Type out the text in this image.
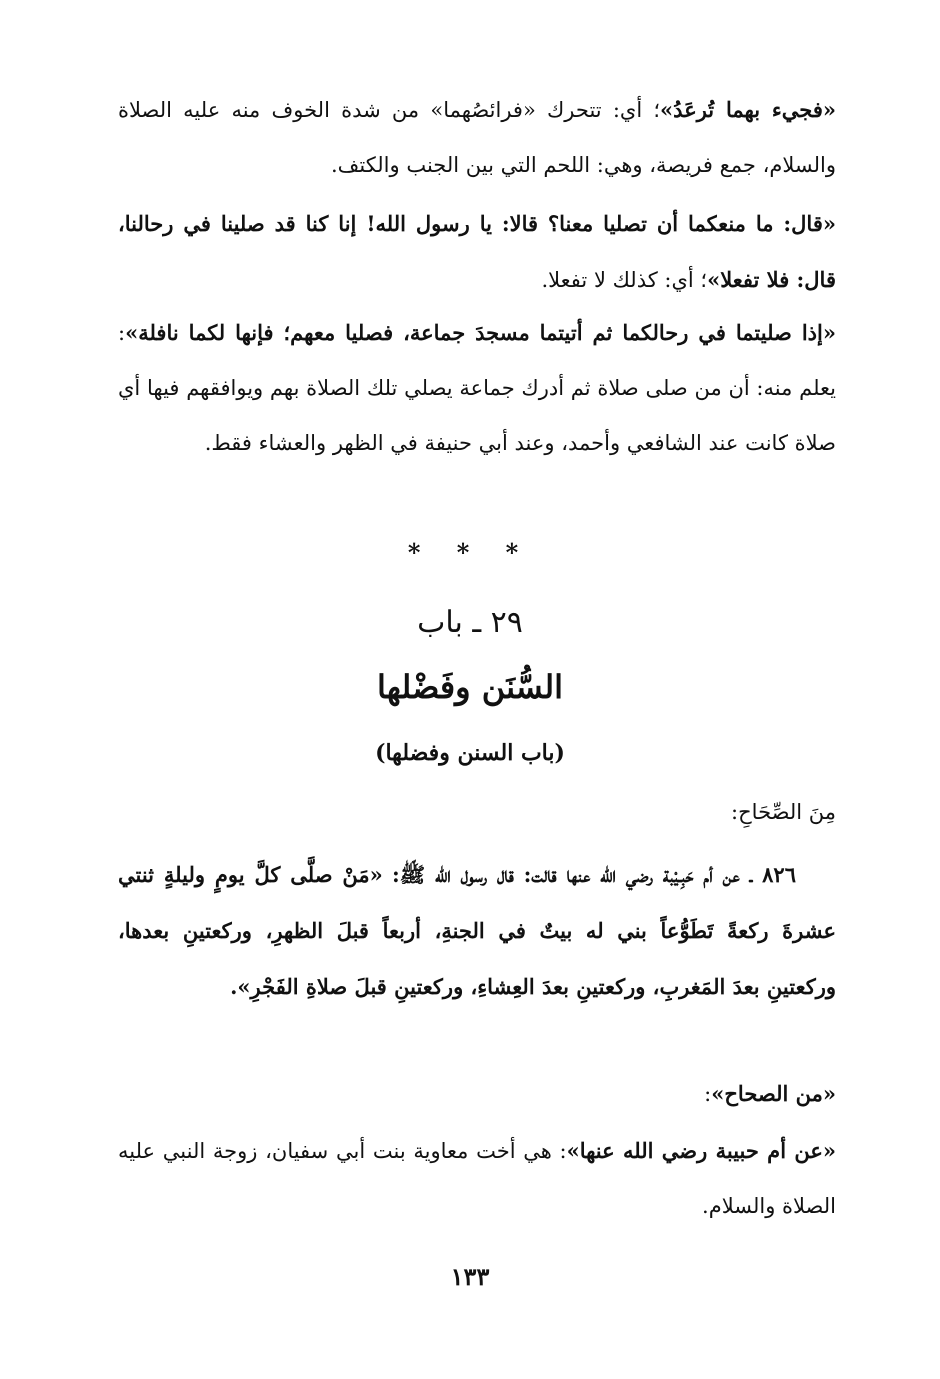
«فجيء بهما تُرعَدُ»؛ أي: تتحرك «فرائصُهما» من شدة الخوف منه عليه الصلاة والسلام، جمع فريصة، وهي: اللحم التي بين الجنب والكتف.

«قال: ما منعكما أن تصليا معنا؟ قالا: يا رسول الله! إنا كنا قد صلينا في رحالنا، قال: فلا تفعلا»؛ أي: كذلك لا تفعلا.

«إذا صليتما في رحالكما ثم أتيتما مسجدَ جماعة، فصليا معهم؛ فإنها لكما نافلة»: يعلم منه: أن من صلى صلاة ثم أدرك جماعة يصلي تلك الصلاة بهم ويوافقهم فيها أي صلاة كانت عند الشافعي وأحمد، وعند أبي حنيفة في الظهر والعشاء فقط.

* * *
٢٩ ـ باب
السُّنَن وفَضْلها
(باب السنن وفضلها)
مِنَ الصِّحَاحِ:

٨٢٦ ـ عن أم حَبِـيْبة رضي الله عنها قالت: قال رسول الله ﷺ: «مَنْ صلَّى كلَّ يومٍ وليلةٍ ثنتي عشرةَ ركعةً تَطَوُّعاً بني له بيتٌ في الجنةِ، أربعاً قبلَ الظهرِ، وركعتينِ بعدها، وركعتينِ بعدَ المَغربِ، وركعتينِ بعدَ العِشاءِ، وركعتينِ قبلَ صلاةِ الفَجْرِ».

«من الصحاح»:

«عن أم حبيبة رضي الله عنها»: هي أخت معاوية بنت أبي سفيان، زوجة النبي عليه الصلاة والسلام.

١٣٣
